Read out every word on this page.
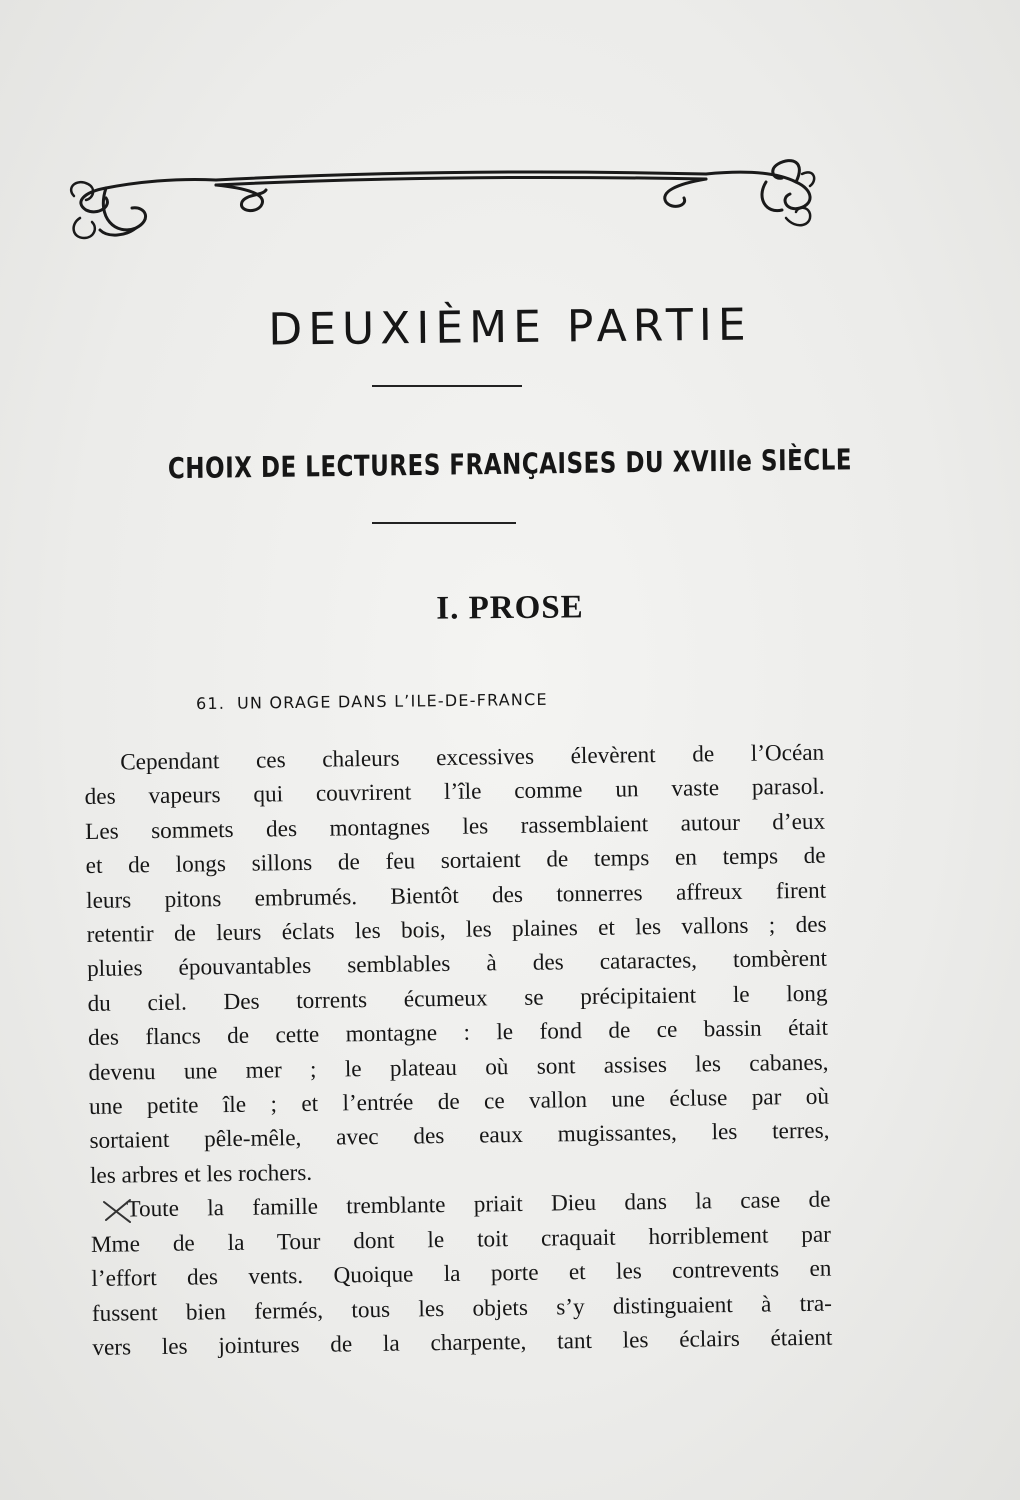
DEUXIÈME PARTIE
CHOIX DE LECTURES FRANÇAISES DU XVIIIe SIÈCLE
I. PROSE

61. UN ORAGE DANS L’ILE-DE-FRANCE

Cependant ces chaleurs excessives élevèrent de l’Océan
des vapeurs qui couvrirent l’île comme un vaste parasol.
Les sommets des montagnes les rassemblaient autour d’eux
et de longs sillons de feu sortaient de temps en temps de
leurs pitons embrumés. Bientôt des tonnerres affreux firent
retentir de leurs éclats les bois, les plaines et les vallons ; des
pluies épouvantables semblables à des cataractes, tombèrent
du ciel. Des torrents écumeux se précipitaient le long
des flancs de cette montagne : le fond de ce bassin était
devenu une mer ; le plateau où sont assises les cabanes,
une petite île ; et l’entrée de ce vallon une écluse par où
sortaient pêle-mêle, avec des eaux mugissantes, les terres,
les arbres et les rochers.
Toute la famille tremblante priait Dieu dans la case de
Mme de la Tour dont le toit craquait horriblement par
l’effort des vents. Quoique la porte et les contrevents en
fussent bien fermés, tous les objets s’y distinguaient à tra-
vers les jointures de la charpente, tant les éclairs étaient
